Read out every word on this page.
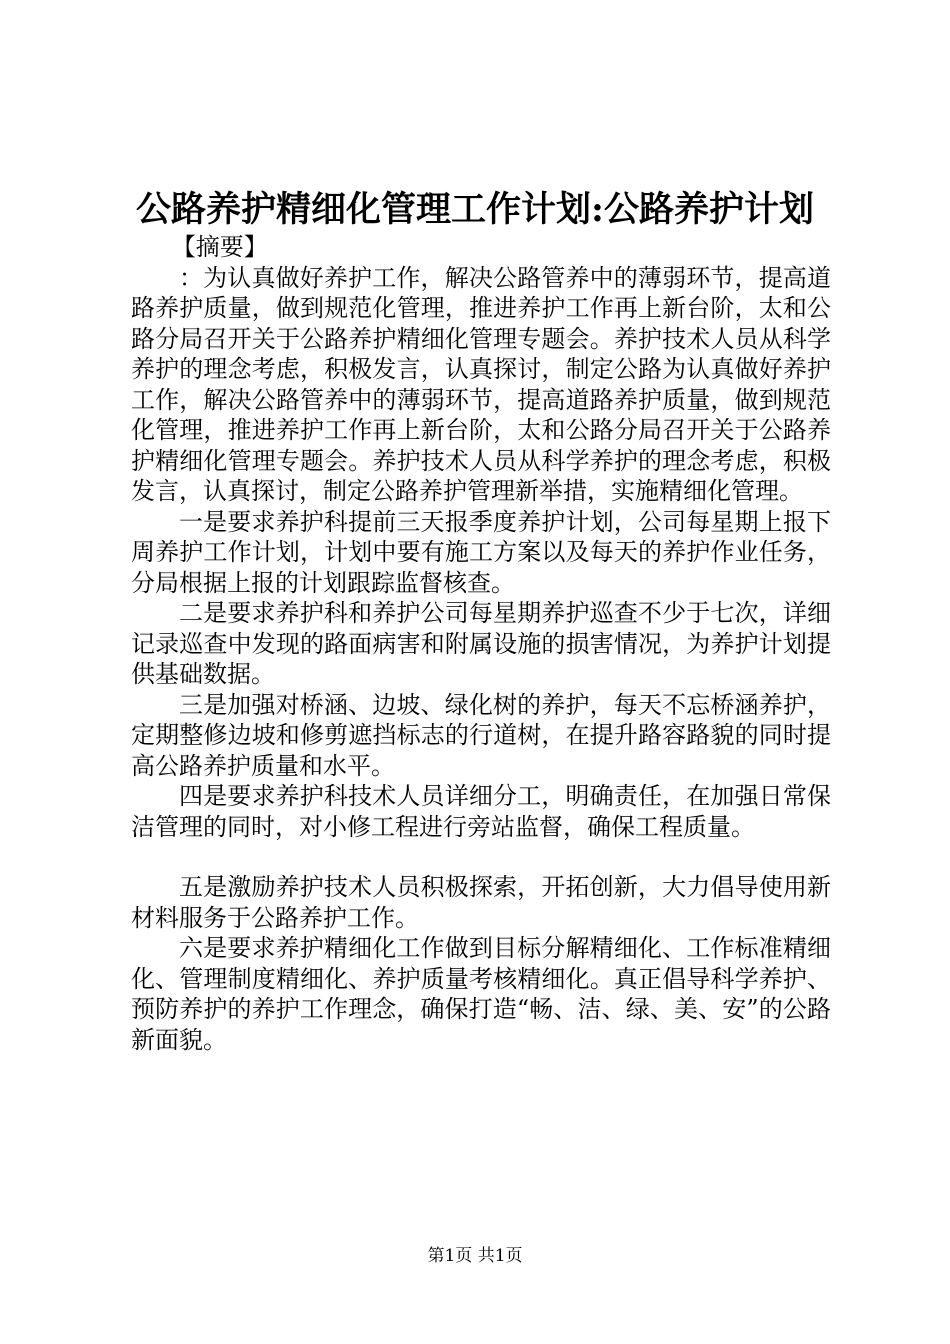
公路养护精细化管理工作计划:公路养护计划

【摘要】

：为认真做好养护工作，解决公路管养中的薄弱环节，提高道路养护质量，做到规范化管理，推进养护工作再上新台阶，太和公路分局召开关于公路养护精细化管理专题会。养护技术人员从科学养护的理念考虑，积极发言，认真探讨，制定公路为认真做好养护工作，解决公路管养中的薄弱环节，提高道路养护质量，做到规范化管理，推进养护工作再上新台阶，太和公路分局召开关于公路养护精细化管理专题会。养护技术人员从科学养护的理念考虑，积极发言，认真探讨，制定公路养护管理新举措，实施精细化管理。

一是要求养护科提前三天报季度养护计划，公司每星期上报下周养护工作计划，计划中要有施工方案以及每天的养护作业任务，分局根据上报的计划跟踪监督核查。

二是要求养护科和养护公司每星期养护巡查不少于七次，详细记录巡查中发现的路面病害和附属设施的损害情况，为养护计划提供基础数据。

三是加强对桥涵、边坡、绿化树的养护，每天不忘桥涵养护，定期整修边坡和修剪遮挡标志的行道树，在提升路容路貌的同时提高公路养护质量和水平。

四是要求养护科技术人员详细分工，明确责任，在加强日常保洁管理的同时，对小修工程进行旁站监督，确保工程质量。

五是激励养护技术人员积极探索，开拓创新，大力倡导使用新材料服务于公路养护工作。

六是要求养护精细化工作做到目标分解精细化、工作标准精细化、管理制度精细化、养护质量考核精细化。真正倡导科学养护、预防养护的养护工作理念，确保打造“畅、洁、绿、美、安”的公路新面貌。

第1页 共1页
